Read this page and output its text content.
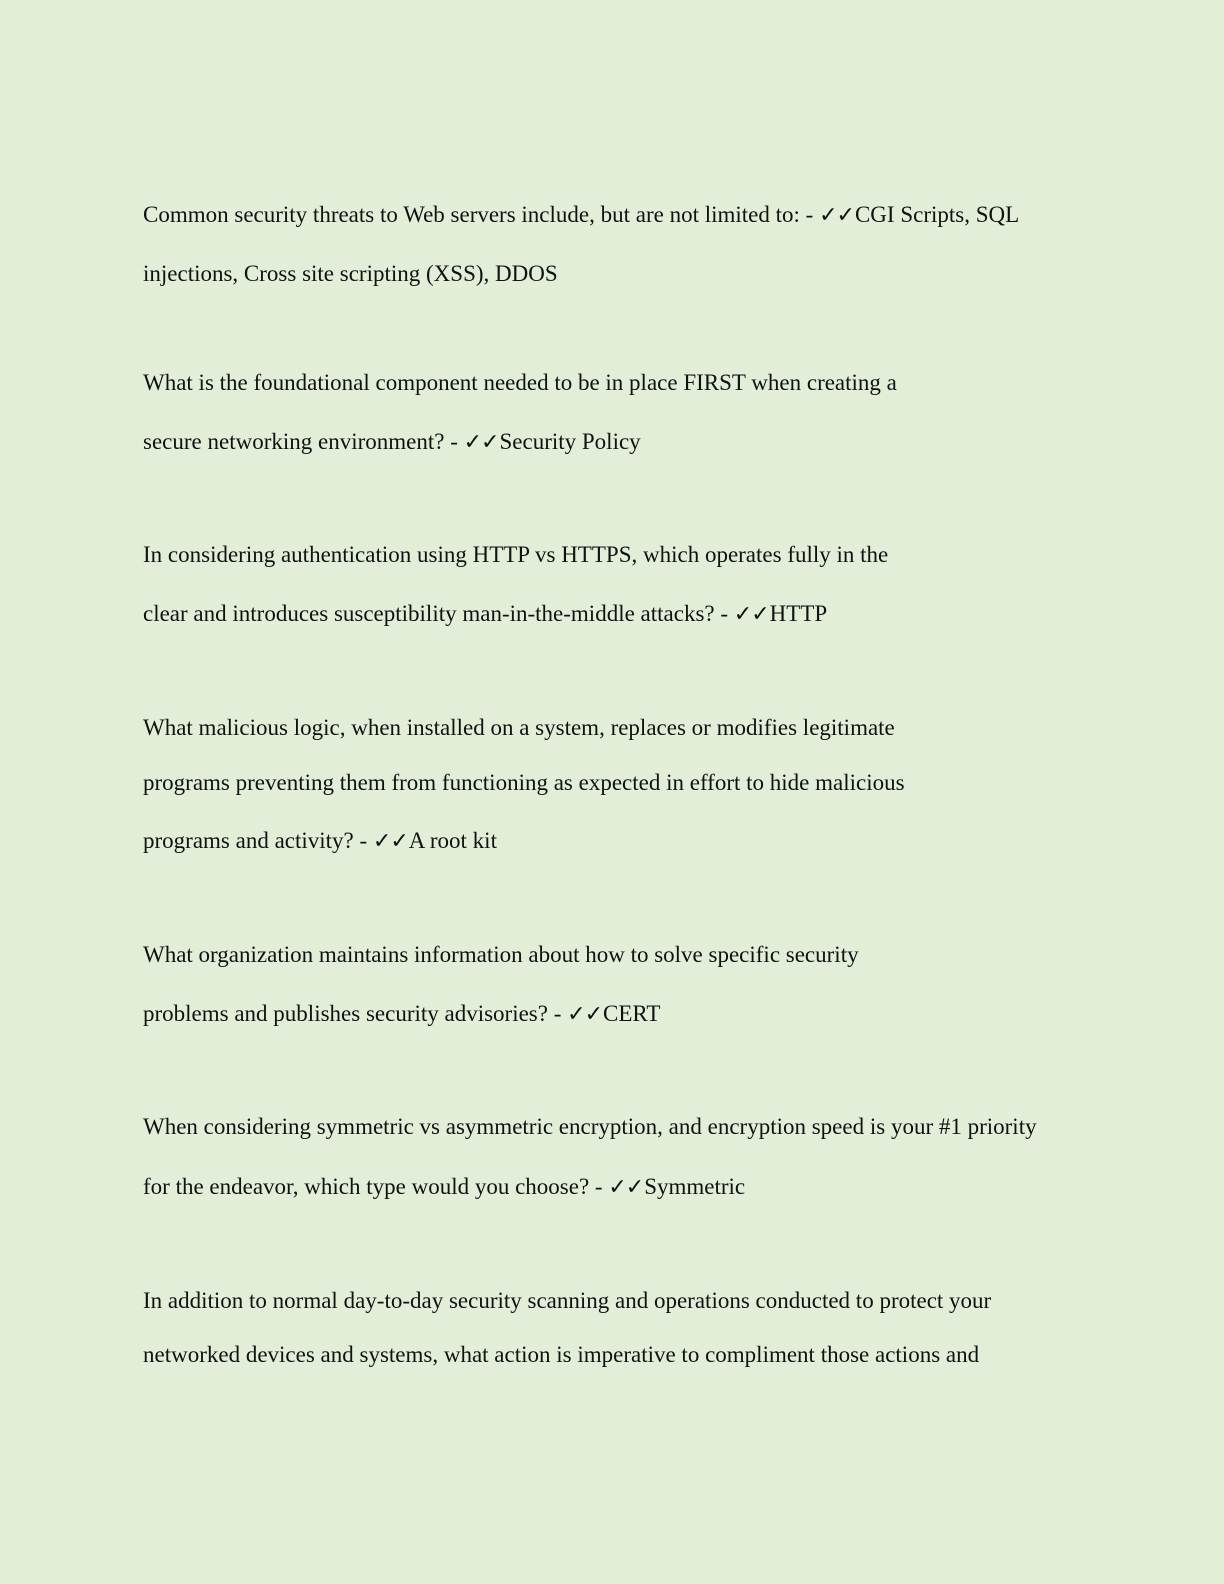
Common security threats to Web servers include, but are not limited to: - ✓✓CGI Scripts, SQL

injections, Cross site scripting (XSS), DDOS

What is the foundational component needed to be in place FIRST when creating a

secure networking environment? - ✓✓Security Policy

In considering authentication using HTTP vs HTTPS, which operates fully in the

clear and introduces susceptibility man-in-the-middle attacks? - ✓✓HTTP

What malicious logic, when installed on a system, replaces or modifies legitimate

programs preventing them from functioning as expected in effort to hide malicious

programs and activity? - ✓✓A root kit

What organization maintains information about how to solve specific security

problems and publishes security advisories? - ✓✓CERT

When considering symmetric vs asymmetric encryption, and encryption speed is your #1 priority

for the endeavor, which type would you choose? - ✓✓Symmetric

In addition to normal day-to-day security scanning and operations conducted to protect your

networked devices and systems, what action is imperative to compliment those actions and
